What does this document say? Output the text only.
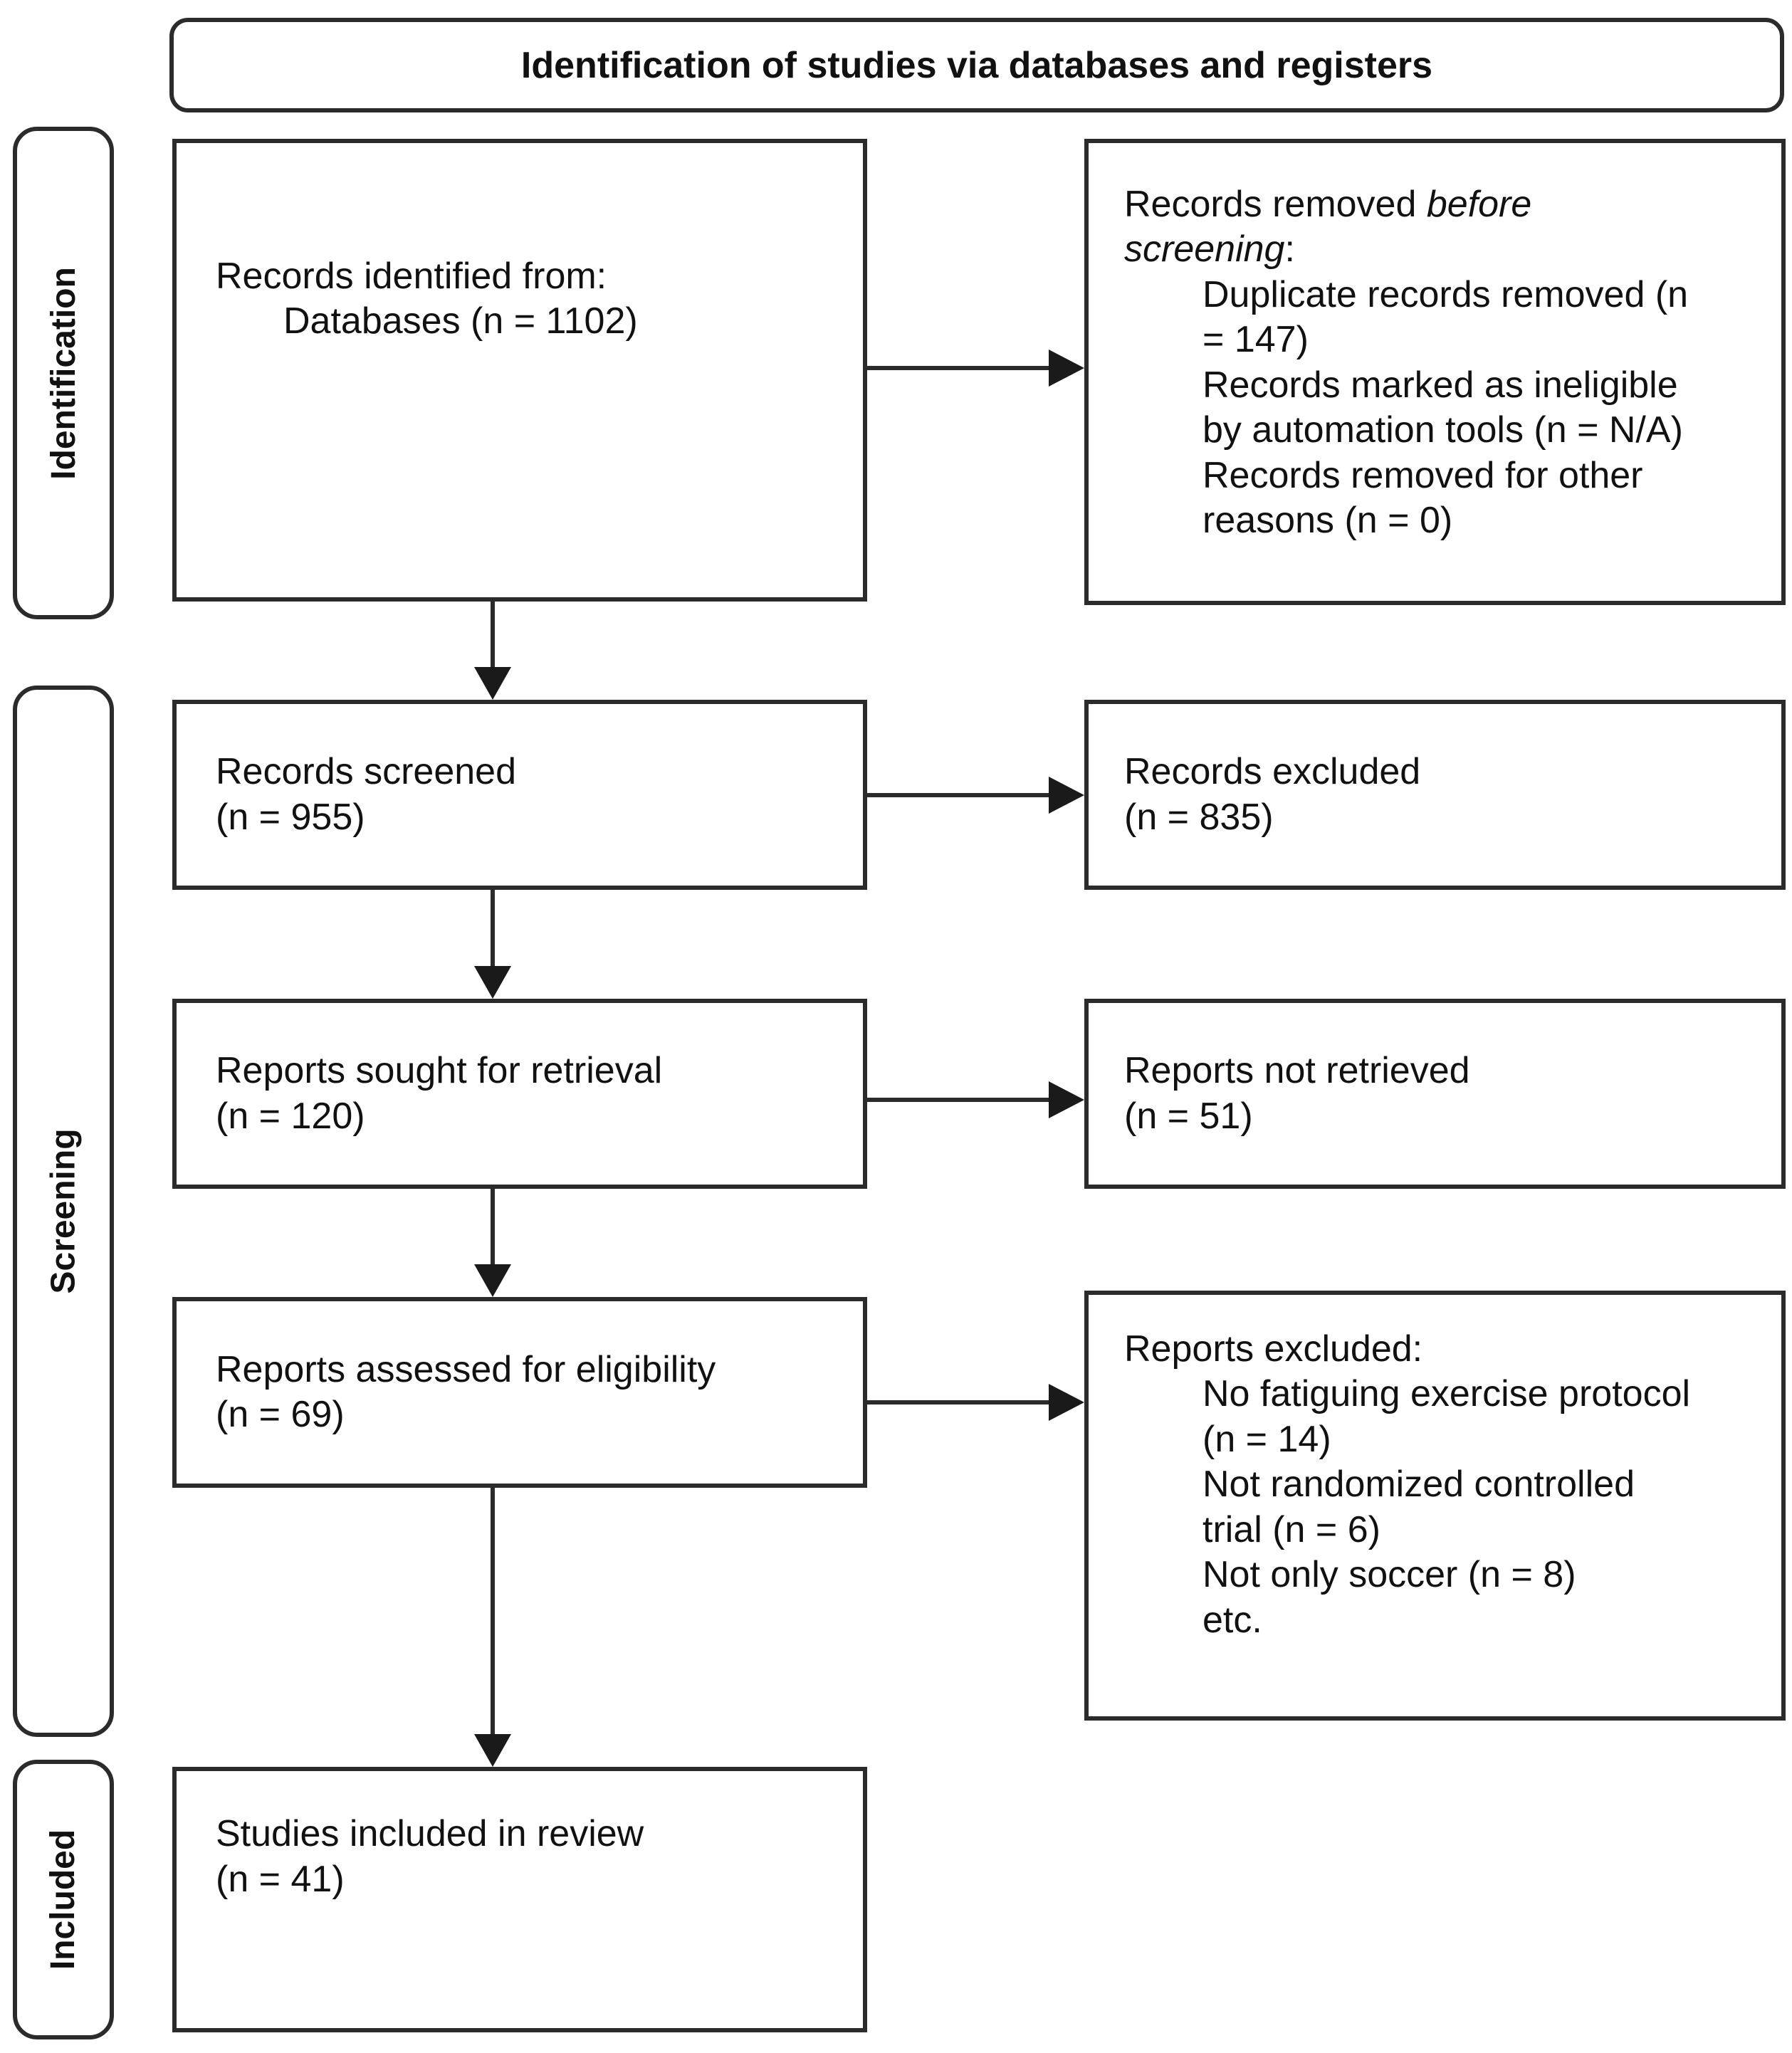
Identification of studies via databases and registers
Identification
Screening
Included
Records identified from:
Databases (n = 1102)
Records screened
(n = 955)
Reports sought for retrieval
(n = 120)
Reports assessed for eligibility
(n = 69)
Studies included in review
(n = 41)
Records removed before screening:
Duplicate records removed (n = 147)
Records marked as ineligible by automation tools (n = N/A)
Records removed for other reasons (n = 0)
Records excluded
(n = 835)
Reports not retrieved
(n = 51)
Reports excluded:
No fatiguing exercise protocol (n = 14)
Not randomized controlled trial (n = 6)
Not only soccer (n = 8)
etc.
